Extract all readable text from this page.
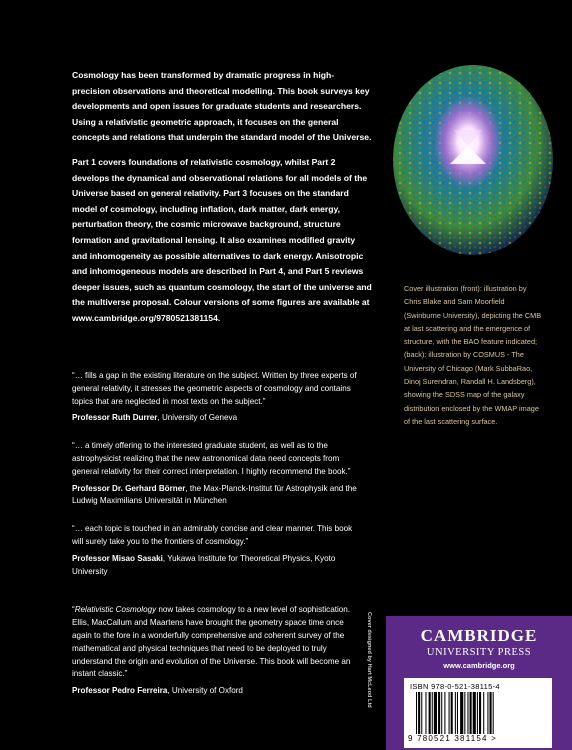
Cosmology has been transformed by dramatic progress in high-precision observations and theoretical modelling. This book surveys key developments and open issues for graduate students and researchers. Using a relativistic geometric approach, it focuses on the general concepts and relations that underpin the standard model of the Universe.

Part 1 covers foundations of relativistic cosmology, whilst Part 2 develops the dynamical and observational relations for all models of the Universe based on general relativity. Part 3 focuses on the standard model of cosmology, including inflation, dark matter, dark energy, perturbation theory, the cosmic microwave background, structure formation and gravitational lensing. It also examines modified gravity and inhomogeneity as possible alternatives to dark energy. Anisotropic and inhomogeneous models are described in Part 4, and Part 5 reviews deeper issues, such as quantum cosmology, the start of the universe and the multiverse proposal. Colour versions of some figures are available at www.cambridge.org/9780521381154.

“… fills a gap in the existing literature on the subject. Written by three experts of general relativity, it stresses the geometric aspects of cosmology and contains topics that are neglected in most texts on the subject.”
Professor Ruth Durrer, University of Geneva
“… a timely offering to the interested graduate student, as well as to the astrophysicist realizing that the new astronomical data need concepts from general relativity for their correct interpretation. I highly recommend the book.”
Professor Dr. Gerhard Börner, the Max-Planck-Institut für Astrophysik and the Ludwig Maximilians Universität in München
“… each topic is touched in an admirably concise and clear manner. This book will surely take you to the frontiers of cosmology.”
Professor Misao Sasaki, Yukawa Institute for Theoretical Physics, Kyoto University
“Relativistic Cosmology now takes cosmology to a new level of sophistication. Ellis, MacCallum and Maartens have brought the geometry space time once again to the fore in a wonderfully comprehensive and coherent survey of the mathematical and physical techniques that need to be deployed to truly understand the origin and evolution of the Universe. This book will become an instant classic.”
Professor Pedro Ferreira, University of Oxford
Cover illustration (front): illustration by Chris Blake and Sam Moorfield (Swinburne University), depicting the CMB at last scattering and the emergence of structure, with the BAO feature indicated; (back): illustration by COSMUS - The University of Chicago (Mark SubbaRao, Dinoj Surendran, Randall H. Landsberg), showing the SDSS map of the galaxy distribution enclosed by the WMAP image of the last scattering surface.
Cover designed by Hart McLeod Ltd	CAMBRIDGE
UNIVERSITY PRESS
www.cambridge.org
ISBN 978-0-521-38115-4
9 780521 381154 >
